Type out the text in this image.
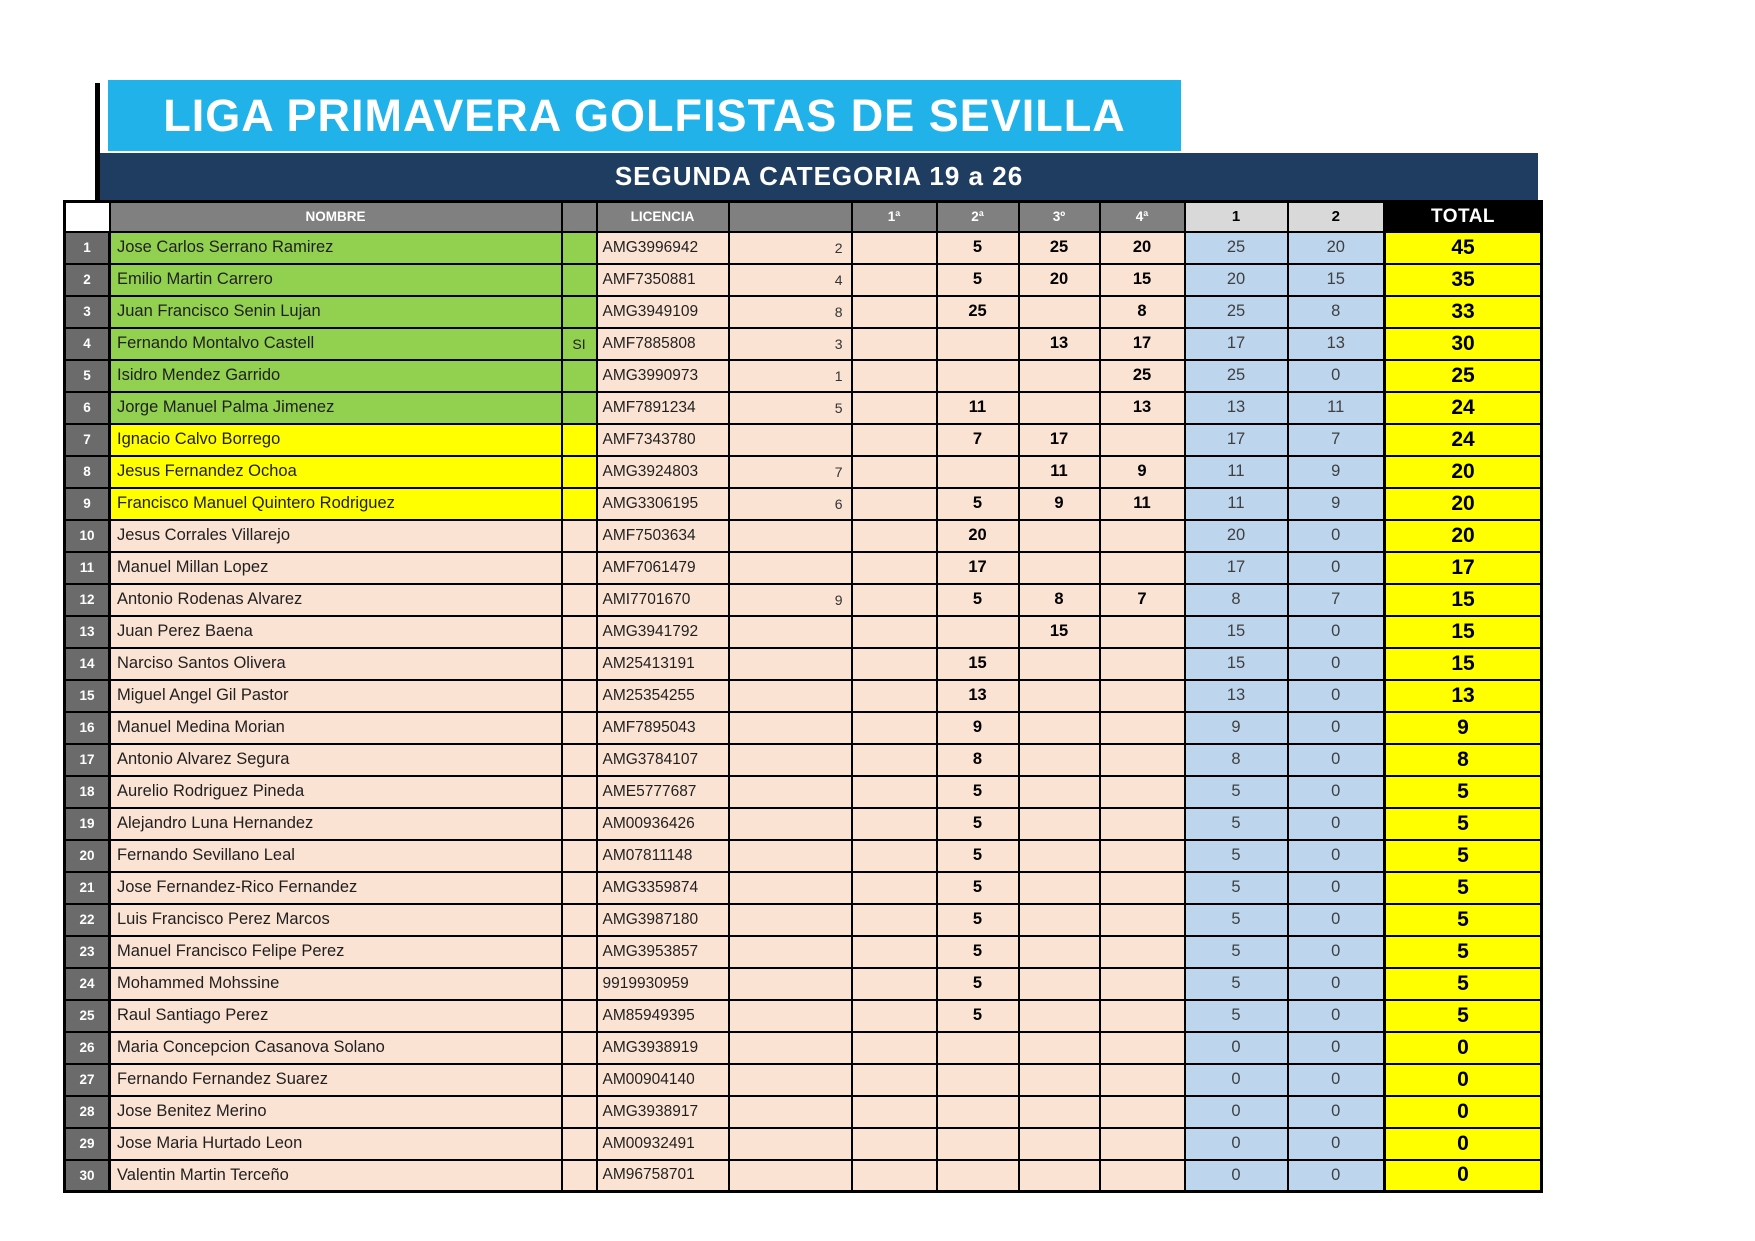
LIGA PRIMAVERA GOLFISTAS DE SEVILLA
SEGUNDA CATEGORIA 19 a 26
	NOMBRE		LICENCIA		1ª	2ª	3º	4ª	1	2	TOTAL
1	Jose Carlos Serrano Ramirez		AMG3996942	2		5	25	20	25	20	45
2	Emilio Martin Carrero		AMF7350881	4		5	20	15	20	15	35
3	Juan Francisco Senin Lujan		AMG3949109	8		25		8	25	8	33
4	Fernando Montalvo Castell	SI	AMF7885808	3			13	17	17	13	30
5	Isidro Mendez Garrido		AMG3990973	1				25	25	0	25
6	Jorge Manuel Palma Jimenez		AMF7891234	5		11		13	13	11	24
7	Ignacio Calvo Borrego		AMF7343780			7	17		17	7	24
8	Jesus Fernandez Ochoa		AMG3924803	7			11	9	11	9	20
9	Francisco Manuel Quintero Rodriguez		AMG3306195	6		5	9	11	11	9	20
10	Jesus Corrales Villarejo		AMF7503634			20			20	0	20
11	Manuel Millan Lopez		AMF7061479			17			17	0	17
12	Antonio Rodenas Alvarez		AMI7701670	9		5	8	7	8	7	15
13	Juan Perez Baena		AMG3941792				15		15	0	15
14	Narciso Santos Olivera		AM25413191			15			15	0	15
15	Miguel Angel Gil Pastor		AM25354255			13			13	0	13
16	Manuel Medina Morian		AMF7895043			9			9	0	9
17	Antonio Alvarez Segura		AMG3784107			8			8	0	8
18	Aurelio Rodriguez Pineda		AME5777687			5			5	0	5
19	Alejandro Luna Hernandez		AM00936426			5			5	0	5
20	Fernando Sevillano Leal		AM07811148			5			5	0	5
21	Jose Fernandez-Rico Fernandez		AMG3359874			5			5	0	5
22	Luis Francisco Perez Marcos		AMG3987180			5			5	0	5
23	Manuel Francisco Felipe Perez		AMG3953857			5			5	0	5
24	Mohammed Mohssine		9919930959			5			5	0	5
25	Raul Santiago Perez		AM85949395			5			5	0	5
26	Maria Concepcion Casanova Solano		AMG3938919						0	0	0
27	Fernando Fernandez Suarez		AM00904140						0	0	0
28	Jose Benitez Merino		AMG3938917						0	0	0
29	Jose Maria Hurtado Leon		AM00932491						0	0	0
30	Valentin Martin Terceño		AM96758701						0	0	0
